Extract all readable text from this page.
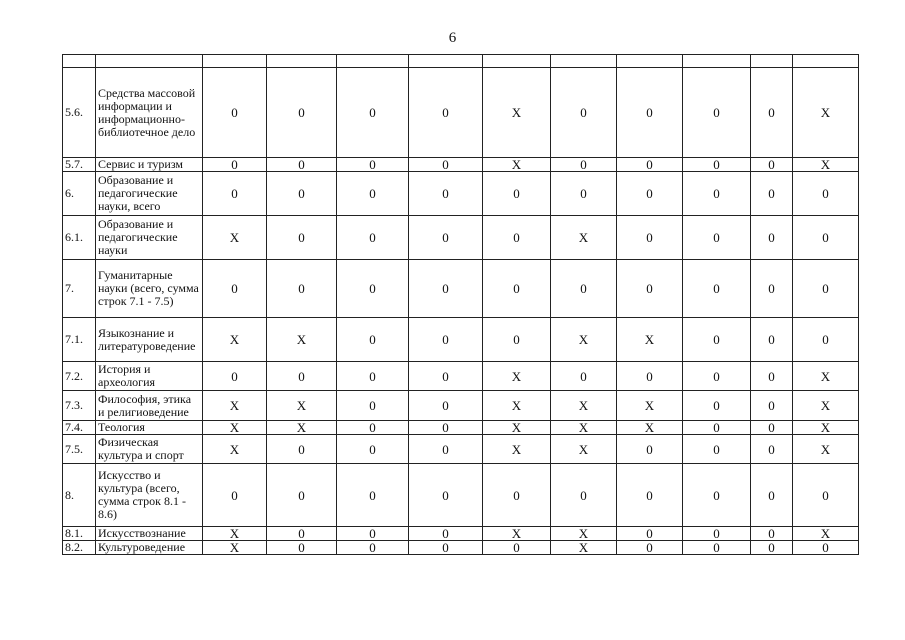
6

5.6.	Средства массовой информации и информационно-библиотечное дело	0	0	0	0	X	0	0	0	0	X
5.7.	Сервис и туризм	0	0	0	0	X	0	0	0	0	X
6.	Образование и педагогические науки, всего	0	0	0	0	0	0	0	0	0	0
6.1.	Образование и педагогические науки	X	0	0	0	0	X	0	0	0	0
7.	Гуманитарные науки (всего, сумма строк 7.1 - 7.5)	0	0	0	0	0	0	0	0	0	0
7.1.	Языкознание и литературоведение	X	X	0	0	0	X	X	0	0	0
7.2.	История и археология	0	0	0	0	X	0	0	0	0	X
7.3.	Философия, этика и религиоведение	X	X	0	0	X	X	X	0	0	X
7.4.	Теология	X	X	0	0	X	X	X	0	0	X
7.5.	Физическая культура и спорт	X	0	0	0	X	X	0	0	0	X
8.	Искусство и культура (всего, сумма строк 8.1 - 8.6)	0	0	0	0	0	0	0	0	0	0
8.1.	Искусствознание	X	0	0	0	X	X	0	0	0	X
8.2.	Культуроведение	X	0	0	0	0	X	0	0	0	0
